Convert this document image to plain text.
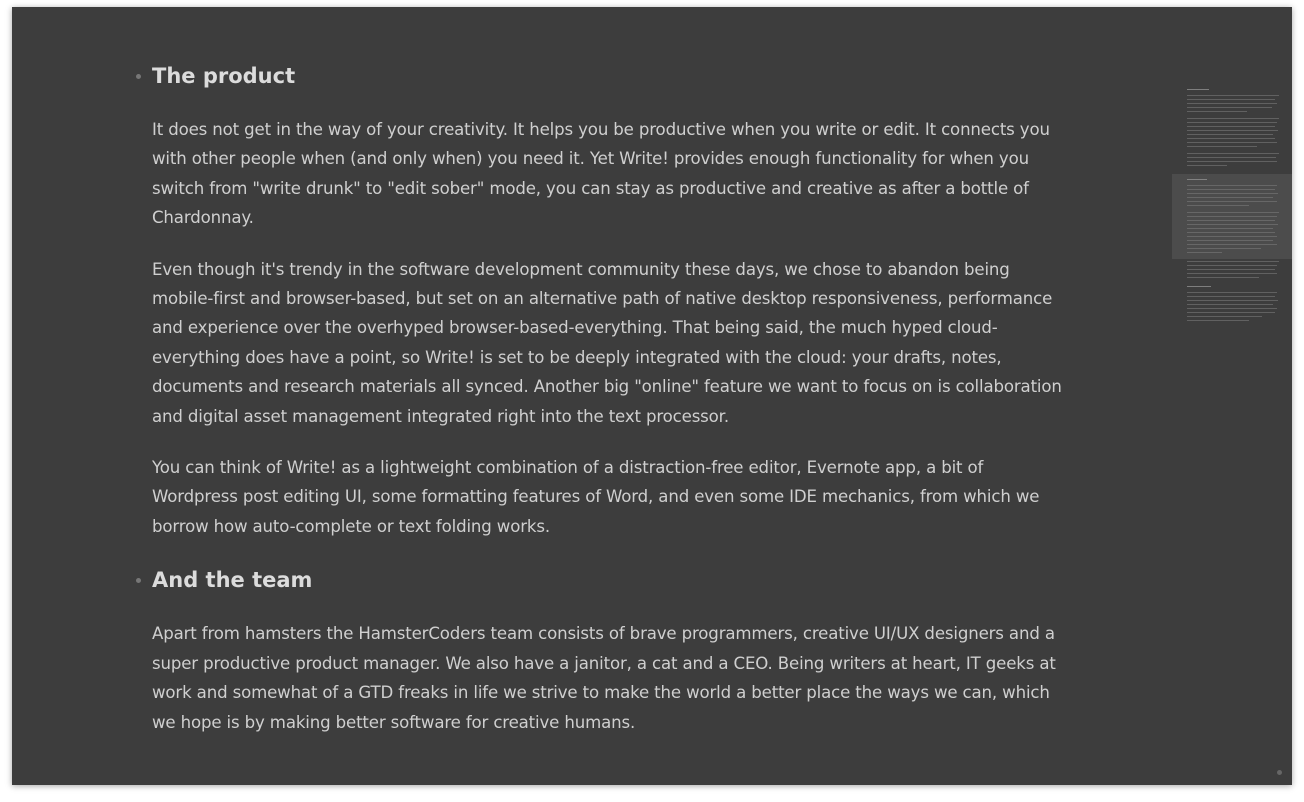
The product

It does not get in the way of your creativity. It helps you be productive when you write or edit. It connects you with other people when (and only when) you need it. Yet Write! provides enough functionality for when you switch from "write drunk" to "edit sober" mode, you can stay as productive and creative as after a bottle of Chardonnay.

Even though it's trendy in the software development community these days, we chose to abandon being mobile-first and browser-based, but set on an alternative path of native desktop responsiveness, performance and experience over the overhyped browser-based-everything. That being said, the much hyped cloud-everything does have a point, so Write! is set to be deeply integrated with the cloud: your drafts, notes, documents and research materials all synced. Another big "online" feature we want to focus on is collaboration and digital asset management integrated right into the text processor.

You can think of Write! as a lightweight combination of a distraction-free editor, Evernote app, a bit of Wordpress post editing UI, some formatting features of Word, and even some IDE mechanics, from which we borrow how auto-complete or text folding works.

And the team

Apart from hamsters the HamsterCoders team consists of brave programmers, creative UI/UX designers and a super productive product manager. We also have a janitor, a cat and a CEO. Being writers at heart, IT geeks at work and somewhat of a GTD freaks in life we strive to make the world a better place the ways we can, which we hope is by making better software for creative humans.
